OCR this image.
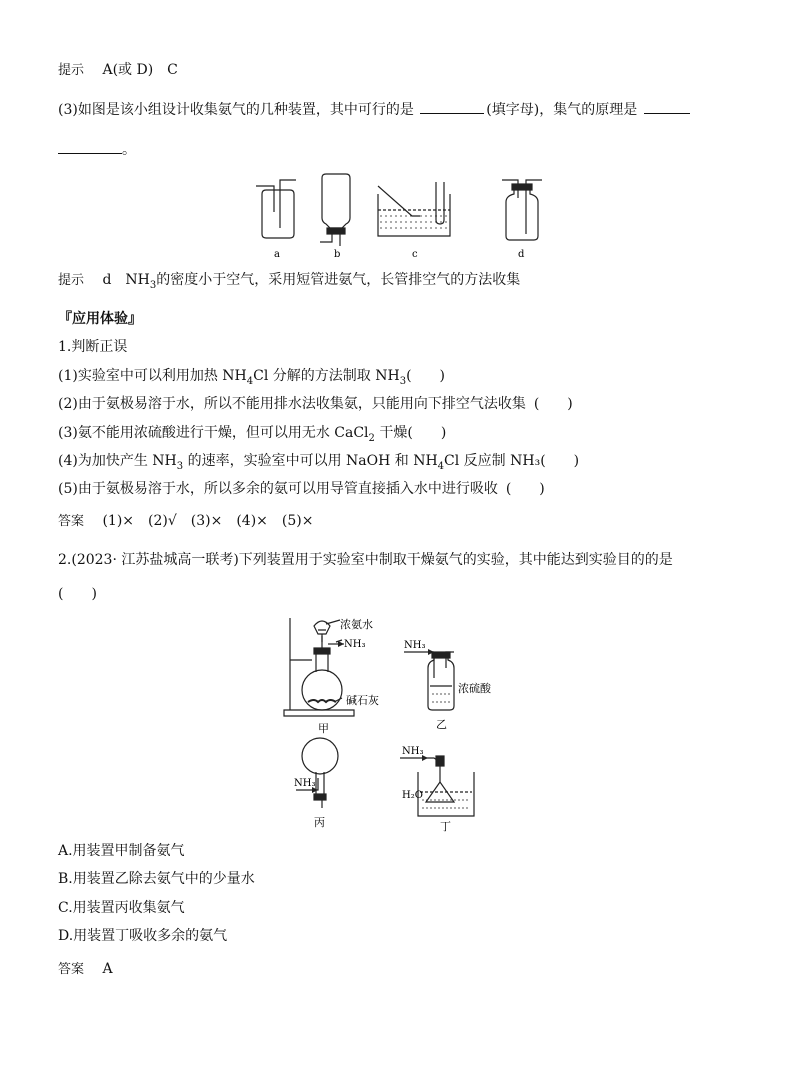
提示 A(或 D)　C
(3)如图是该小组设计收集氨气的几种装置，其中可行的是	(填字母)，集气的原理是
。
a	b	c	d
提示 d　$NH_3$的密度小于空气，采用短管进氨气，长管排空气的方法收集
『应用体验』
1.判断正误
(1)实验室中可以利用加热 $NH_4Cl$ 分解的方法制取 $NH_3$(　　)
(2)由于氨极易溶于水，所以不能用排水法收集氨，只能用向下排空气法收集 (　　)
(3)氨不能用浓硫酸进行干燥，但可以用无水 CaCl$_2$ 干燥(　　)
(4)为加快产生 $NH_3$ 的速率，实验室中可以用 NaOH 和 $NH_4Cl$ 反应制 NH₃(　　)
(5)由于氨极易溶于水，所以多余的氨可以用导管直接插入水中进行吸收 (　　)
答案 (1)×　(2)√　(3)×　(4)×　(5)×
2.(2023· 江苏盐城高一联考)下列装置用于实验室中制取干燥氨气的实验，其中能达到实验目的的是
(　　)
浓氨水
NH₃
碱石灰
甲
NH₃
浓硫酸
乙
NH₃
丙
NH₃
H₂O
丁
A.用装置甲制备氨气
B.用装置乙除去氨气中的少量水
C.用装置丙收集氨气
D.用装置丁吸收多余的氨气
答案 A
